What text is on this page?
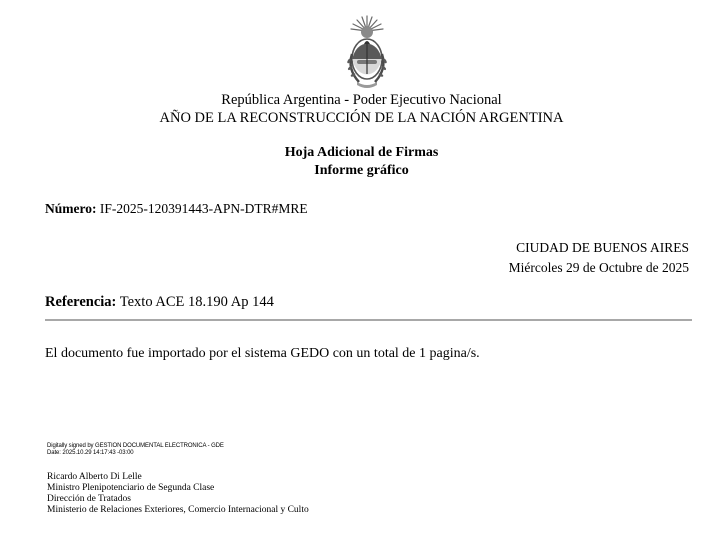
República Argentina - Poder Ejecutivo Nacional
AÑO DE LA RECONSTRUCCIÓN DE LA NACIÓN ARGENTINA
Hoja Adicional de Firmas
Informe gráfico
Número: IF-2025-120391443-APN-DTR#MRE
CIUDAD DE BUENOS AIRES
Miércoles 29 de Octubre de 2025
Referencia: Texto ACE 18.190 Ap 144
El documento fue importado por el sistema GEDO con un total de 1 pagina/s.
Digitally signed by GESTION DOCUMENTAL ELECTRONICA - GDE
Date: 2025.10.29 14:17:43 -03:00
Ricardo Alberto Di Lelle
Ministro Plenipotenciario de Segunda Clase
Dirección de Tratados
Ministerio de Relaciones Exteriores, Comercio Internacional y Culto
